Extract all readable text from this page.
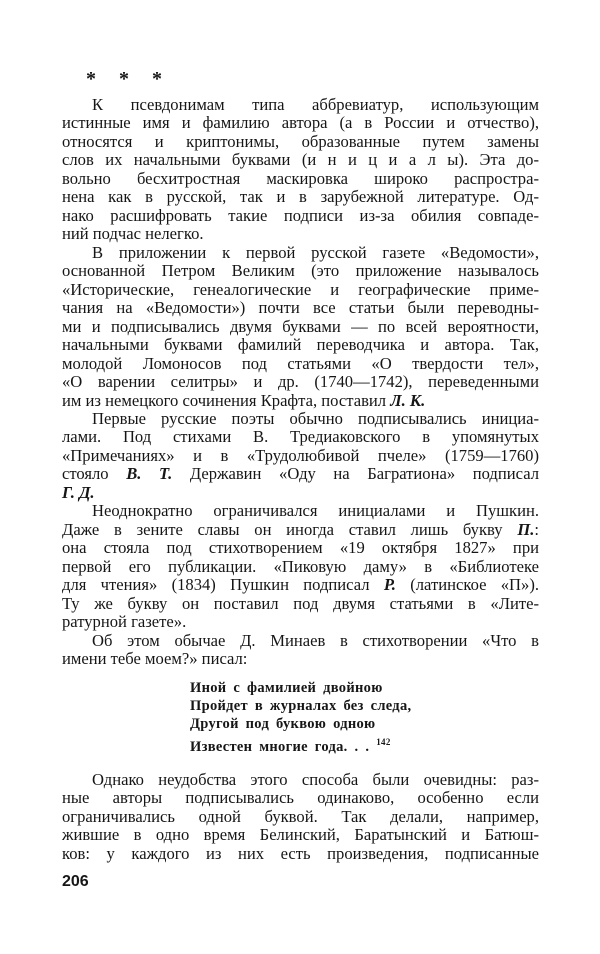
* * *
К псевдонимам типа аббревиатур, использующим
истинные имя и фамилию автора (а в России и отчество),
относятся и криптонимы, образованные путем замены
слов их начальными буквами (и н и ц и а л ы). Эта до-
вольно бесхитростная маскировка широко распростра-
нена как в русской, так и в зарубежной литературе. Од-
нако расшифровать такие подписи из-за обилия совпаде-
ний подчас нелегко.
В приложении к первой русской газете «Ведомости»,
основанной Петром Великим (это приложение называлось
«Исторические, генеалогические и географические приме-
чания на «Ведомости») почти все статьи были переводны-
ми и подписывались двумя буквами — по всей вероятности,
начальными буквами фамилий переводчика и автора. Так,
молодой Ломоносов под статьями «О твердости тел»,
«О варении селитры» и др. (1740—1742), переведенными
им из немецкого сочинения Крафта, поставил Л. К.
Первые русские поэты обычно подписывались инициа-
лами. Под стихами В. Тредиаковского в упомянутых
«Примечаниях» и в «Трудолюбивой пчеле» (1759—1760)
стояло В. Т. Державин «Оду на Багратиона» подписал
Г. Д.
Неоднократно ограничивался инициалами и Пушкин.
Даже в зените славы он иногда ставил лишь букву П.:
она стояла под стихотворением «19 октября 1827» при
первой его публикации. «Пиковую даму» в «Библиотеке
для чтения» (1834) Пушкин подписал P. (латинское «П»).
Ту же букву он поставил под двумя статьями в «Лите-
ратурной газете».
Об этом обычае Д. Минаев в стихотворении «Что в
имени тебе моем?» писал:
Иной с фамилией двойною
Пройдет в журналах без следа,
Другой под буквою одною
Известен многие года. . . $^{142}$
Однако неудобства этого способа были очевидны: раз-
ные авторы подписывались одинаково, особенно если
ограничивались одной буквой. Так делали, например,
жившие в одно время Белинский, Баратынский и Батюш-
ков: у каждого из них есть произведения, подписанные
206
